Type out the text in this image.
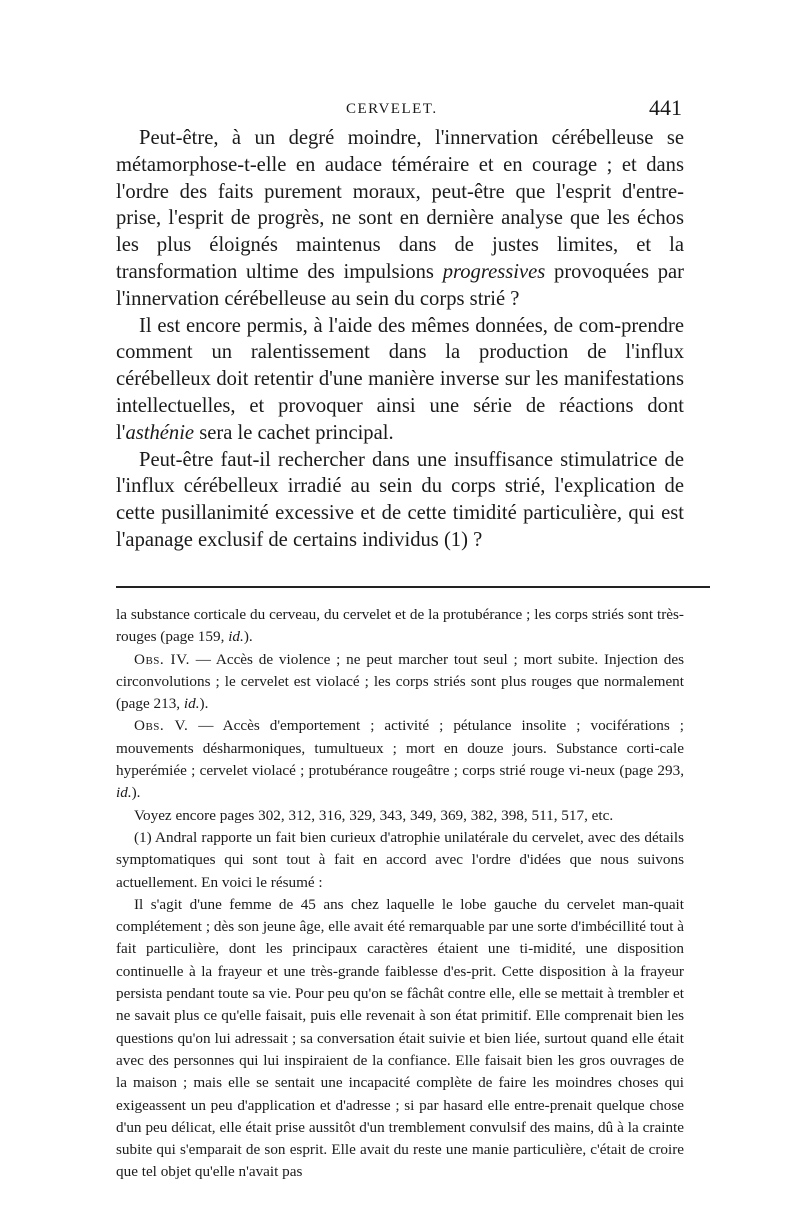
CERVELET.	441

Peut-être, à un degré moindre, l'innervation cérébelleuse se métamorphose-t-elle en audace téméraire et en courage ; et dans l'ordre des faits purement moraux, peut-être que l'esprit d'entre-prise, l'esprit de progrès, ne sont en dernière analyse que les échos les plus éloignés maintenus dans de justes limites, et la transformation ultime des impulsions progressives provoquées par l'innervation cérébelleuse au sein du corps strié ?

Il est encore permis, à l'aide des mêmes données, de com-prendre comment un ralentissement dans la production de l'influx cérébelleux doit retentir d'une manière inverse sur les manifestations intellectuelles, et provoquer ainsi une série de réactions dont l'asthénie sera le cachet principal.

Peut-être faut-il rechercher dans une insuffisance stimulatrice de l'influx cérébelleux irradié au sein du corps strié, l'explication de cette pusillanimité excessive et de cette timidité particulière, qui est l'apanage exclusif de certains individus (1) ?

la substance corticale du cerveau, du cervelet et de la protubérance ; les corps striés sont très-rouges (page 159, id.).

Obs. IV. — Accès de violence ; ne peut marcher tout seul ; mort subite. Injection des circonvolutions ; le cervelet est violacé ; les corps striés sont plus rouges que normalement (page 213, id.).

Obs. V. — Accès d'emportement ; activité ; pétulance insolite ; vociférations ; mouvements désharmoniques, tumultueux ; mort en douze jours. Substance corti-cale hyperémiée ; cervelet violacé ; protubérance rougeâtre ; corps strié rouge vi-neux (page 293, id.).

Voyez encore pages 302, 312, 316, 329, 343, 349, 369, 382, 398, 511, 517, etc.

(1) Andral rapporte un fait bien curieux d'atrophie unilatérale du cervelet, avec des détails symptomatiques qui sont tout à fait en accord avec l'ordre d'idées que nous suivons actuellement. En voici le résumé :

Il s'agit d'une femme de 45 ans chez laquelle le lobe gauche du cervelet man-quait complétement ; dès son jeune âge, elle avait été remarquable par une sorte d'imbécillité tout à fait particulière, dont les principaux caractères étaient une ti-midité, une disposition continuelle à la frayeur et une très-grande faiblesse d'es-prit. Cette disposition à la frayeur persista pendant toute sa vie. Pour peu qu'on se fâchât contre elle, elle se mettait à trembler et ne savait plus ce qu'elle faisait, puis elle revenait à son état primitif. Elle comprenait bien les questions qu'on lui adressait ; sa conversation était suivie et bien liée, surtout quand elle était avec des personnes qui lui inspiraient de la confiance. Elle faisait bien les gros ouvrages de la maison ; mais elle se sentait une incapacité complète de faire les moindres choses qui exigeassent un peu d'application et d'adresse ; si par hasard elle entre-prenait quelque chose d'un peu délicat, elle était prise aussitôt d'un tremblement convulsif des mains, dû à la crainte subite qui s'emparait de son esprit. Elle avait du reste une manie particulière, c'était de croire que tel objet qu'elle n'avait pas
